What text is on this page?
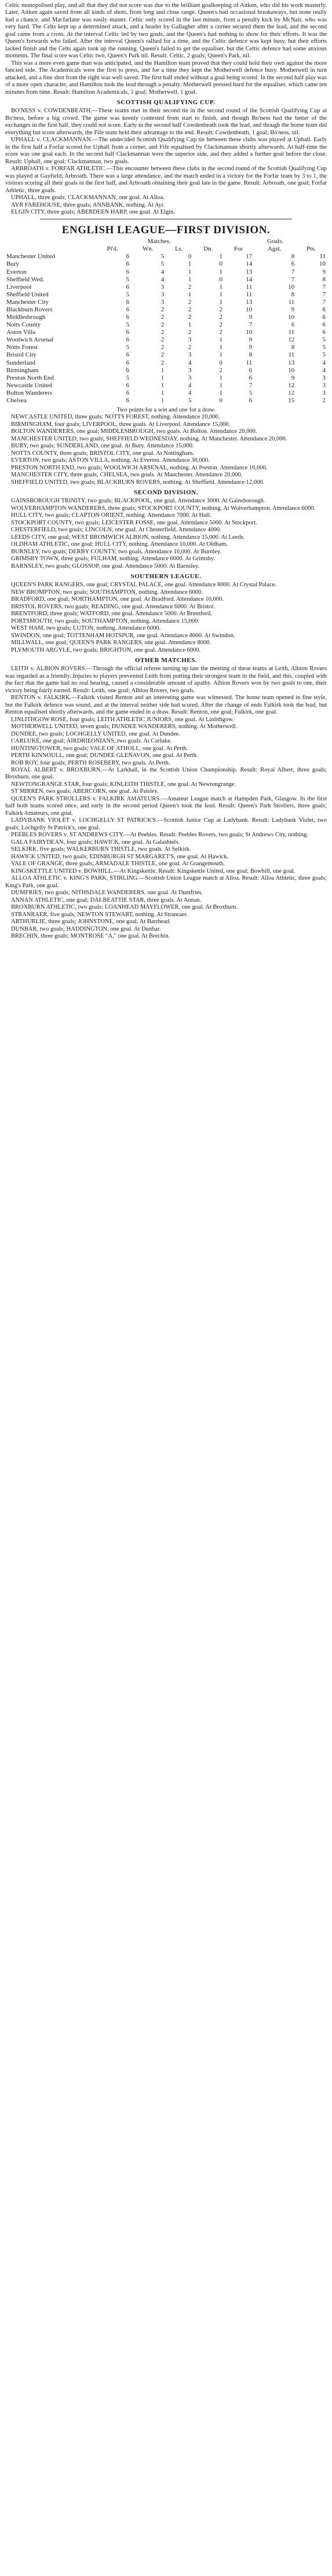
Celtic monopolised play, and all that they did not score was due to the brilliant goalkeeping of Aitken, who did his work masterly. Later, Aitken again saved from all kinds of shots, from long and close range. Queen's had occasional breakaways, but none really had a chance, and Macfarlane was easily master. Celtic only scored in the last minute, from a penalty kick by McNair, who was very hard. The Celts kept up a determined attack, and a header by Gallagher after a corner secured them the lead, and the second goal came from a cross. At the interval Celtic led by two goals, and the Queen's had nothing to show for their efforts. It was the Queen's forwards who failed. After the interval Queen's rallied for a time, and the Celtic defence was kept busy, but their efforts lacked finish and the Celts again took up the running. Queen's failed to get the equaliser, but the Celtic defence had some anxious moments. The final score was Celtic two, Queen's Park nil. Result: Celtic, 2 goals; Queen's Park, nil.

This was a more even game than was anticipated, and the Hamilton team proved that they could hold their own against the more fancied side. The Academicals were the first to press, and for a time they kept the Motherwell defence busy. Motherwell in turn attacked, and a fine shot from the right was well saved. The first half ended without a goal being scored. In the second half play was of a more open character, and Hamilton took the lead through a penalty. Motherwell pressed hard for the equaliser, which came ten minutes from time. Result: Hamilton Academicals, 1 goal; Motherwell, 1 goal.

SCOTTISH QUALIFYING CUP.

BO'NESS v. COWDENBEATH.—These teams met in their second tie in the second round of the Scottish Qualifying Cup at Bo'ness, before a big crowd. The game was keenly contested from start to finish, and though Bo'ness had the better of the exchanges in the first half, they could not score. Early in the second half Cowdenbeath took the lead, and though the home team did everything but score afterwards, the Fife team held their advantage to the end. Result: Cowdenbeath, 1 goal; Bo'ness, nil.

UPHALL v. CLACKMANNAN.—The undecided Scottish Qualifying Cup tie between these clubs was played at Uphall. Early in the first half a Forfar scored for Uphall from a corner, and Fife equalised by Clackmannan shortly afterwards. At half-time the score was one goal each. In the second half Clackmannan were the superior side, and they added a further goal before the close. Result: Uphall, one goal; Clackmannan, two goals.

ARBROATH v. FORFAR ATHLETIC.—This encounter between these clubs in the second round of the Scottish Qualifying Cup was played at Gayfield, Arbroath. There was a large attendance, and the match ended in a victory for the Forfar team by 3 to 1, the visitors scoring all their goals in the first half, and Arbroath obtaining their goal late in the game. Result: Arbroath, one goal; Forfar Athletic, three goals.

UPHALL, three goals; CLACKMANNAN, one goal. At Alloa.

AYR FAREHOUSE, three goals; ANNBANK, nothing. At Ayr.

ELGIN CITY, three goals; ABERDEEN HARP, one goal. At Elgin.

ENGLISH LEAGUE—FIRST DIVISION.
	Matches.				Goals.		
	Pl'd.	Wn.	Ls.	Dn.	For	Agst.	Pts.
Manchester United	6	5	0	1	17	8	11
Bury	6	5	1	0	14	6	10
Everton	6	4	1	1	13	7	9
Sheffield Wed.	5	4	1	0	14	7	8
Liverpool	6	3	2	1	11	10	7
Sheffield United	5	3	1	1	11	8	7
Manchester City	6	3	2	1	13	11	7
Blackburn Rovers	6	2	2	2	10	9	6
Middlesbrough	6	2	2	2	9	10	6
Notts County	5	2	1	2	7	6	6
Aston Villa	6	2	2	2	10	11	6
Woolwich Arsenal	6	2	3	1	9	12	5
Notts Forest	5	2	2	1	9	8	5
Bristol City	6	2	3	1	8	11	5
Sunderland	6	2	4	0	11	13	4
Birmingham	6	1	3	2	6	10	4
Preston North End	5	1	3	1	6	9	3
Newcastle United	6	1	4	1	7	12	3
Bolton Wanderers	6	1	4	1	5	12	3
Chelsea	6	1	5	0	6	15	2

Two points for a win and one for a draw.

NEWCASTLE UNITED, three goals; NOTTS FOREST, nothing. Attendance 20,000.

BIRMINGHAM, four goals; LIVERPOOL, three goals. At Liverpool. Attendance 15,000.

BOLTON WANDERERS, one goal; MIDDLESBROUGH, two goals. At Bolton. Attendance 20,000.

MANCHESTER UNITED, two goals; SHEFFIELD WEDNESDAY, nothing. At Manchester. Attendance 20,000.

BURY, two goals; SUNDERLAND, one goal. At Bury. Attendance 15,000.

NOTTS COUNTY, three goals; BRISTOL CITY, one goal. At Nottingham.

EVERTON, two goals; ASTON VILLA, nothing. At Everton. Attendance 30,000.

PRESTON NORTH END, two goals; WOOLWICH ARSENAL, nothing. At Preston. Attendance 10,000.

MANCHESTER CITY, three goals; CHELSEA, two goals. At Manchester. Attendance 20,000.

SHEFFIELD UNITED, two goals; BLACKBURN ROVERS, nothing. At Sheffield. Attendance 12,000.

SECOND DIVISION.

GAINSBOROUGH TRINITY, two goals; BLACKPOOL, one goal. Attendance 3000. At Gainsborough.

WOLVERHAMPTON WANDERERS, three goals; STOCKPORT COUNTY, nothing. At Wolverhampton. Attendance 6000.

HULL CITY, two goals; CLAPTON ORIENT, nothing. Attendance 7000. At Hull.

STOCKPORT COUNTY, two goals; LEICESTER FOSSE, one goal. Attendance 5000. At Stockport.

CHESTERFIELD, two goals; LINCOLN, one goal. At Chesterfield. Attendance 4000.

LEEDS CITY, one goal; WEST BROMWICH ALBION, nothing. Attendance 15,000. At Leeds.

OLDHAM ATHLETIC, one goal; HULL CITY, nothing. Attendance 10,000. At Oldham.

BURNLEY, two goals; DERBY COUNTY, two goals. Attendance 10,000. At Burnley.

GRIMSBY TOWN, three goals; FULHAM, nothing. Attendance 6000. At Grimsby.

BARNSLEY, two goals; GLOSSOP, one goal. Attendance 5000. At Barnsley.

SOUTHERN LEAGUE.

QUEEN'S PARK RANGERS, one goal; CRYSTAL PALACE, one goal. Attendance 8000. At Crystal Palace.

NEW BROMPTON, two goals; SOUTHAMPTON, nothing. Attendance 6000.

BRADFORD, one goal; NORTHAMPTON, one goal. At Bradford. Attendance 10,000.

BRISTOL ROVERS, two goals; READING, one goal. Attendance 6000. At Bristol.

BRENTFORD, three goals; WATFORD, one goal. Attendance 5000. At Brentford.

PORTSMOUTH, two goals; SOUTHAMPTON, nothing. Attendance 15,000.

WEST HAM, two goals; LUTON, nothing. Attendance 6000.

SWINDON, one goal; TOTTENHAM HOTSPUR, one goal. Attendance 8000. At Swindon.

MILLWALL, one goal; QUEEN'S PARK RANGERS, one goal. Attendance 8000.

PLYMOUTH ARGYLE, two goals; BRIGHTON, one goal. Attendance 6000.

OTHER MATCHES.

LEITH v. ALBION ROVERS.—Through the official referee turning up late the meeting of these teams at Leith, Albion Rovers was regarded as a friendly. Injuries to players prevented Leith from putting their strongest team in the field, and this, coupled with the fact that the game had no real bearing, caused a considerable amount of apathy. Albion Rovers won by two goals to one, their victory being fairly earned. Result: Leith, one goal; Albion Rovers, two goals.

RENTON v. FALKIRK.—Falkirk visited Renton and an interesting game was witnessed. The home team opened in fine style, but the Falkirk defence was sound, and at the interval neither side had scored. After the change of ends Falkirk took the lead, but Renton equalised shortly afterwards, and the game ended in a draw. Result: Renton, one goal; Falkirk, one goal.

LINLITHGOW ROSE, four goals; LEITH ATHLETIC JUNIORS, one goal. At Linlithgow.

MOTHERWELL UNITED, seven goals; DUNDEE WANDERERS, nothing. At Motherwell.

DUNDEE, two goals; LOCHGELLY UNITED, one goal. At Dundee.

CARLUKE, one goal; AIRDRIEONIANS, two goals. At Carluke.

HUNTINGTOWER, two goals; VALE OF ATHOLL, one goal. At Perth.

PERTH KINNOULL, one goal; DUNDEE GLENAVON, one goal. At Perth.

ROB ROY, four goals; PERTH ROSEBERY, two goals. At Perth.

ROYAL ALBERT v. BROXBURN.—At Larkhall, in the Scottish Union Championship. Result: Royal Albert, three goals; Broxburn, one goal.

NEWTONGRANGE STAR, four goals; KINLEITH THISTLE, one goal. At Newtongrange.

ST MIRREN, two goals; ABERCORN, one goal. At Paisley.

QUEEN'S PARK STROLLERS v. FALKIRK AMATEURS.—Amateur League match at Hampden Park, Glasgow. In the first half both teams scored once, and early in the second period Queen's took the lead. Result: Queen's Park Strollers, three goals; Falkirk Amateurs, one goal.

LADYBANK VIOLET v. LOCHGELLY ST PATRICK'S.—Scottish Junior Cup at Ladybank. Result: Ladybank Violet, two goals; Lochgelly St Patrick's, one goal.

PEEBLES ROVERS v. ST ANDREWS CITY.—At Peebles. Result: Peebles Rovers, two goals; St Andrews City, nothing.

GALA FAIRYDEAN, four goals; HAWICK, one goal. At Galashiels.

SELKIRK, five goals; WALKERBURN THISTLE, two goals. At Selkirk.

HAWICK UNITED, two goals; EDINBURGH ST MARGARET'S, one goal. At Hawick.

VALE OF GRANGE, three goals; ARMADALE THISTLE, one goal. At Grangemouth.

KINGSKETTLE UNITED v. BOWHILL.—At Kingskettle. Result: Kingskettle United, one goal; Bowhill, one goal.

ALLOA ATHLETIC v. KING'S PARK, STIRLING.—Scottish Union League match at Alloa. Result: Alloa Athletic, three goals; King's Park, one goal.

DUMFRIES, two goals; NITHSDALE WANDERERS, one goal. At Dumfries.

ANNAN ATHLETIC, one goal; DALBEATTIE STAR, three goals. At Annan.

BROXBURN ATHLETIC, two goals; LOANHEAD MAYFLOWER, one goal. At Broxburn.

STRANRAER, five goals; NEWTON STEWART, nothing. At Stranraer.

ARTHURLIE, three goals; JOHNSTONE, one goal. At Barrhead.

DUNBAR, two goals; HADDINGTON, one goal. At Dunbar.

BRECHIN, three goals; MONTROSE "A," one goal. At Brechin.
